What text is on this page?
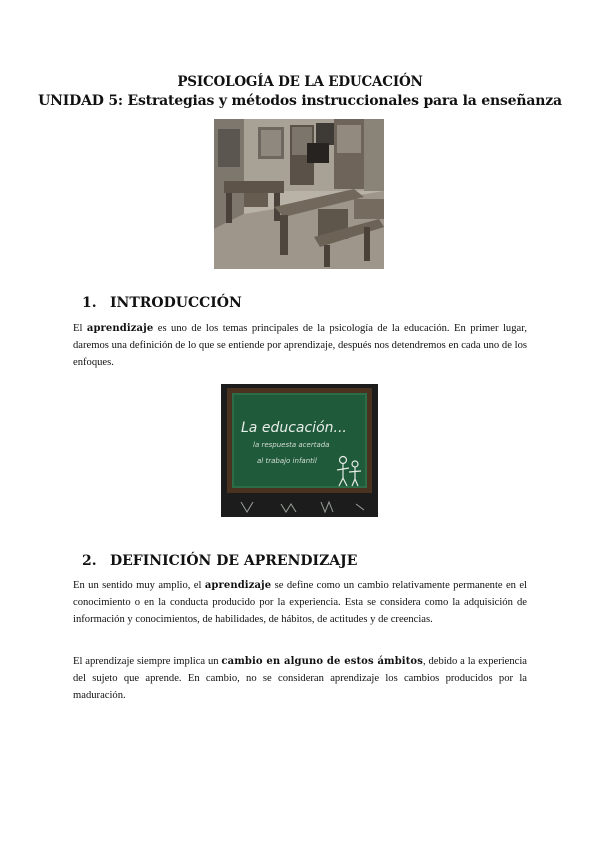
PSICOLOGÍA DE LA EDUCACIÓN
UNIDAD 5: Estrategias y métodos instruccionales para la enseñanza
1. INTRODUCCIÓN

El aprendizaje es uno de los temas principales de la psicología de la educación. En primer lugar, daremos una definición de lo que se entiende por aprendizaje, después nos detendremos en cada uno de los enfoques.

La educación...
la respuesta acertada
al trabajo infantil
2. DEFINICIÓN DE APRENDIZAJE

En un sentido muy amplio, el aprendizaje se define como un cambio relativamente permanente en el conocimiento o en la conducta producido por la experiencia. Esta se considera como la adquisición de información y conocimientos, de habilidades, de hábitos, de actitudes y de creencias.

El aprendizaje siempre implica un cambio en alguno de estos ámbitos, debido a la experiencia del sujeto que aprende. En cambio, no se consideran aprendizaje los cambios producidos por la maduración.
